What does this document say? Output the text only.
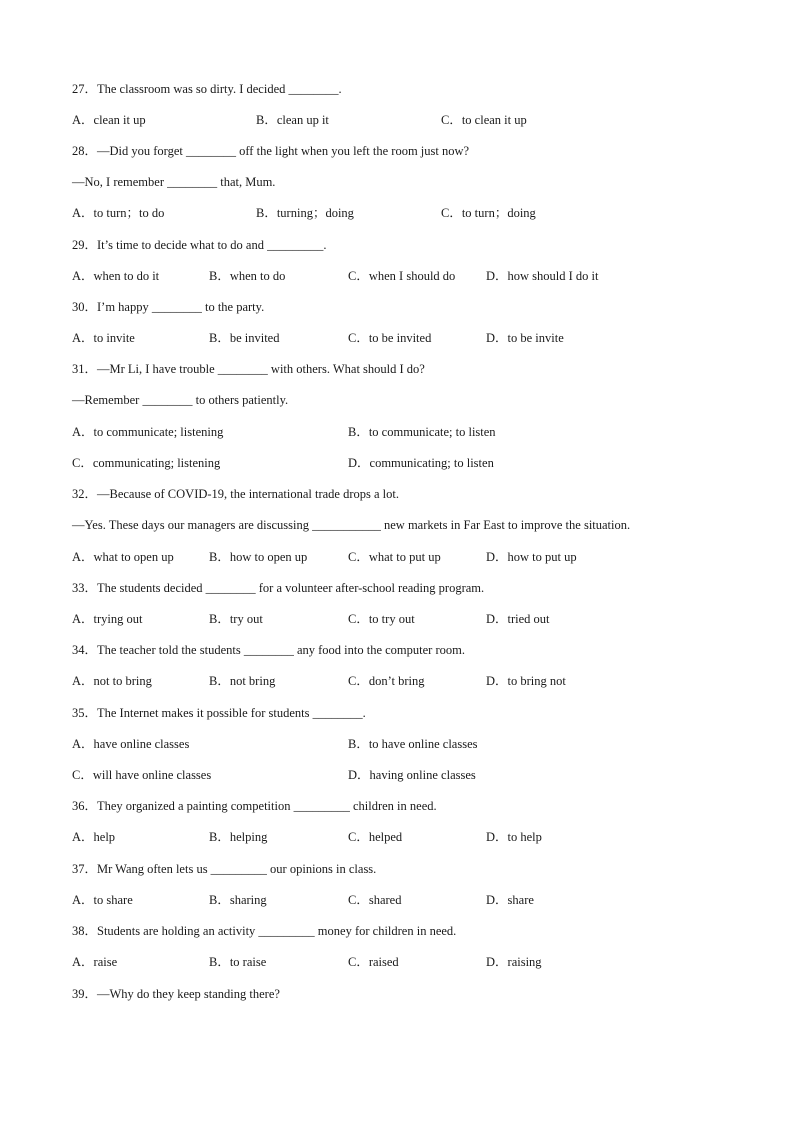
27．The classroom was so dirty. I decided ________.
A．clean it up	B．clean up it	C．to clean it up
28．—Did you forget ________ off the light when you left the room just now?
—No, I remember ________ that, Mum.
A．to turn；to do	B．turning；doing	C．to turn；doing
29．It’s time to decide what to do and _________.
A．when to do it	B．when to do	C．when I should do D．how should I do it
30．I’m happy ________ to the party.
A．to invite	B．be invited	C．to be invited	D．to be invite
31．—Mr Li, I have trouble ________ with others. What should I do?
—Remember ________ to others patiently.
A．to communicate; listening	B．to communicate; to listen
C．communicating; listening	D．communicating; to listen
32．—Because of COVID-19, the international trade drops a lot.
—Yes. These days our managers are discussing ___________ new markets in Far East to improve the situation.
A．what to open up	B．how to open up	C．what to put up	D．how to put up
33．The students decided ________ for a volunteer after-school reading program.
A．trying out	B．try out	C．to try out	D．tried out
34．The teacher told the students ________ any food into the computer room.
A．not to bring	B．not bring	C．don’t bring	D．to bring not
35．The Internet makes it possible for students ________.
A．have online classes	B．to have online classes
C．will have online classes	D．having online classes
36．They organized a painting competition _________ children in need.
A．help	B．helping	C．helped	D．to help
37．Mr Wang often lets us _________ our opinions in class.
A．to share	B．sharing	C．shared	D．share
38．Students are holding an activity _________ money for children in need.
A．raise	B．to raise	C．raised	D．raising
39．—Why do they keep standing there?
